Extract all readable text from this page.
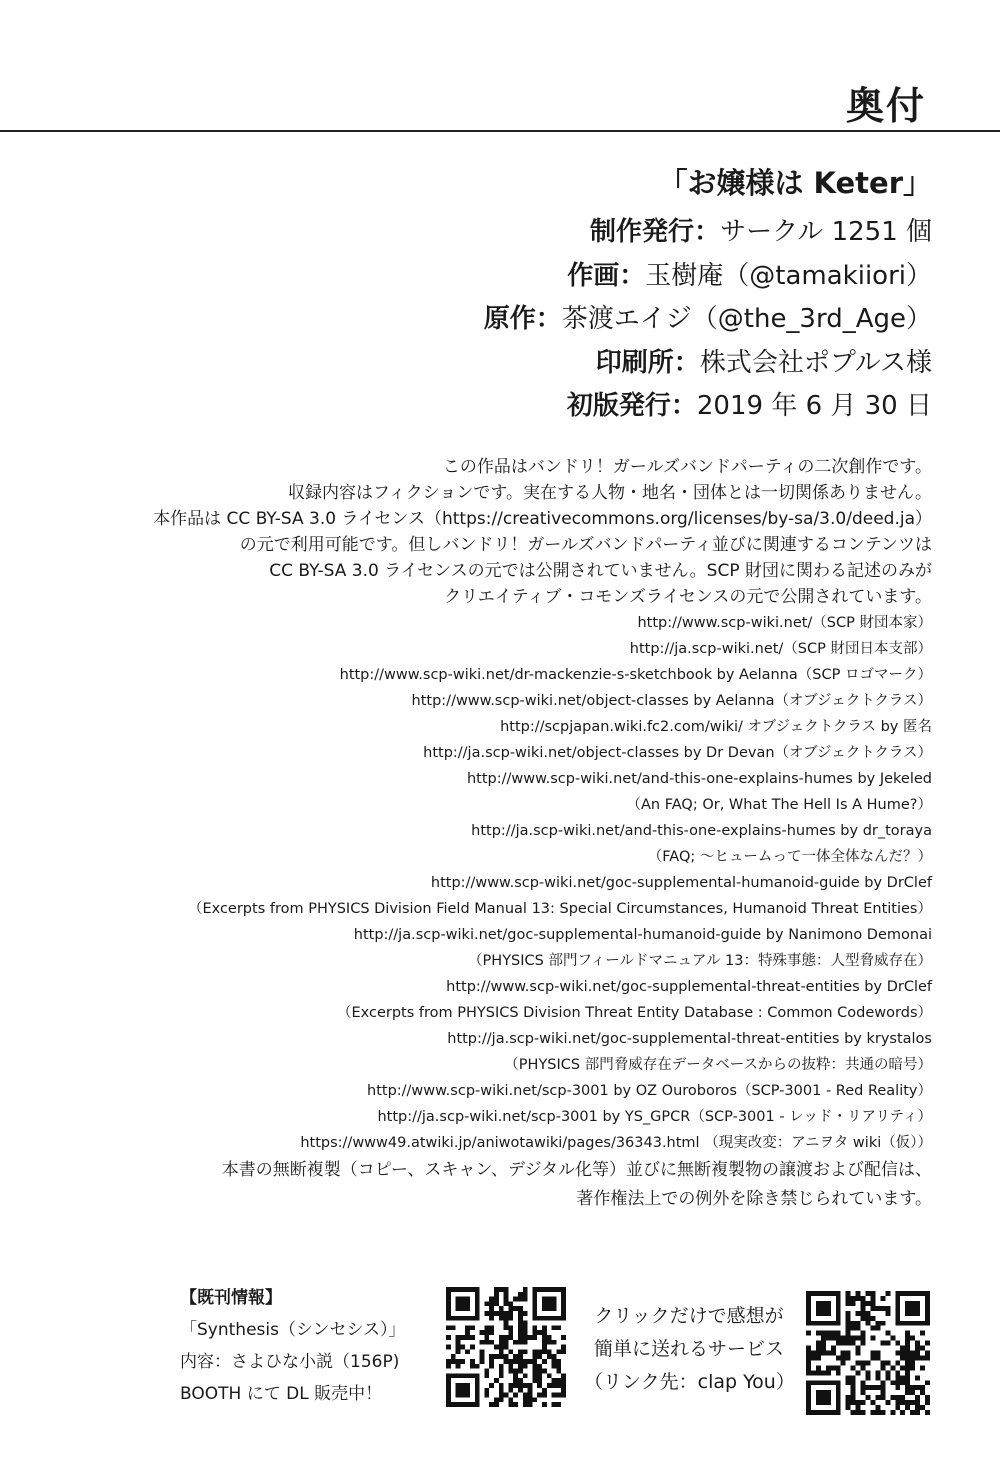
奥付
「お嬢様は Keter」
制作発行：サークル 1251 個
作画：玉樹庵（@tamakiiori）
原作：茶渡エイジ（@the_3rd_Age）
印刷所：株式会社ポプルス様
初版発行：2019 年 6 月 30 日
この作品はバンドリ！ガールズバンドパーティの二次創作です。
収録内容はフィクションです。実在する人物・地名・団体とは一切関係ありません。
本作品は CC BY-SA 3.0 ライセンス（https://creativecommons.org/licenses/by-sa/3.0/deed.ja）
の元で利用可能です。但しバンドリ！ガールズバンドパーティ並びに関連するコンテンツは
CC BY-SA 3.0 ライセンスの元では公開されていません。SCP 財団に関わる記述のみが
クリエイティブ・コモンズライセンスの元で公開されています。
http://www.scp-wiki.net/（SCP 財団本家）
http://ja.scp-wiki.net/（SCP 財団日本支部）
http://www.scp-wiki.net/dr-mackenzie-s-sketchbook by Aelanna（SCP ロゴマーク）
http://www.scp-wiki.net/object-classes by Aelanna（オブジェクトクラス）
http://scpjapan.wiki.fc2.com/wiki/ オブジェクトクラス by 匿名
http://ja.scp-wiki.net/object-classes by Dr Devan（オブジェクトクラス）
http://www.scp-wiki.net/and-this-one-explains-humes by Jekeled
（An FAQ; Or, What The Hell Is A Hume?）
http://ja.scp-wiki.net/and-this-one-explains-humes by dr_toraya
（FAQ; ～ヒュームって一体全体なんだ？）
http://www.scp-wiki.net/goc-supplemental-humanoid-guide by DrClef
（Excerpts from PHYSICS Division Field Manual 13: Special Circumstances, Humanoid Threat Entities）
http://ja.scp-wiki.net/goc-supplemental-humanoid-guide by Nanimono Demonai
（PHYSICS 部門フィールドマニュアル 13：特殊事態：人型脅威存在）
http://www.scp-wiki.net/goc-supplemental-threat-entities by DrClef
（Excerpts from PHYSICS Division Threat Entity Database : Common Codewords）
http://ja.scp-wiki.net/goc-supplemental-threat-entities by krystalos
（PHYSICS 部門脅威存在データベースからの抜粋：共通の暗号）
http://www.scp-wiki.net/scp-3001 by OZ Ouroboros（SCP-3001 - Red Reality）
http://ja.scp-wiki.net/scp-3001 by YS_GPCR（SCP-3001 - レッド・リアリティ）
https://www49.atwiki.jp/aniwotawiki/pages/36343.html （現実改変：アニヲタ wiki（仮））
本書の無断複製（コピー、スキャン、デジタル化等）並びに無断複製物の譲渡および配信は、
著作権法上での例外を除き禁じられています。
【既刊情報】
「Synthesis（シンセシス）」
内容：さよひな小説（156P)
BOOTH にて DL 販売中！
クリックだけで感想が
簡単に送れるサービス
（リンク先：clap You）
